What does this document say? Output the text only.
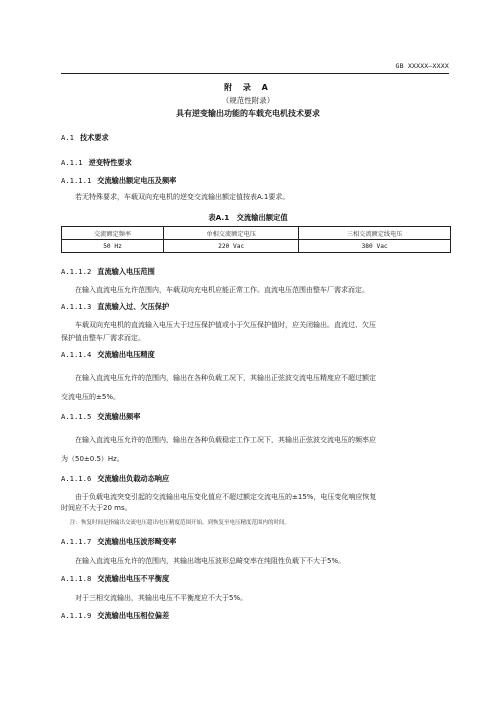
GB XXXXX—XXXX
附 录 A
（规范性附录）
具有逆变输出功能的车载充电机技术要求
A.1 技术要求
A.1.1 逆变特性要求
A.1.1.1 交流输出额定电压及频率
若无特殊要求，车载双向充电机的逆变交流输出额定值按表A.1要求。
表A.1　交流输出额定值
交流额定频率	单相交流额定电压	三相交流额定线电压
50 Hz	220 Vac	380 Vac
A.1.1.2 直流输入电压范围
在输入直流电压允许范围内，车载双向充电机应能正常工作。直流电压范围由整车厂需求而定。
A.1.1.3 直流输入过、欠压保护
车载双向充电机的直流输入电压大于过压保护值或小于欠压保护值时，应关闭输出。直流过、欠压
保护值由整车厂需求而定。
A.1.1.4 交流输出电压精度
在输入直流电压允许的范围内，输出在各种负载工况下，其输出正弦波交流电压精度应不超过额定
交流电压的±5%。
A.1.1.5 交流输出频率
在输入直流电压允许的范围内，输出在各种负载稳定工作工况下，其输出正弦波交流电压的频率应
为（50±0.5）Hz。
A.1.1.6 交流输出负载动态响应
由于负载电流突变引起的交流输出电压变化值应不超过额定交流电压的±15%，电压变化响应恢复
时间应不大于20 ms。
注：恢复时间是指输出交流电压超出电压精度范围开始，到恢复至电压精度范围内的时间。
A.1.1.7 交流输出电压波形畸变率
在输入直流电压允许的范围内，其输出端电压波形总畸变率在纯阻性负载下不大于5%。
A.1.1.8 交流输出电压不平衡度
对于三相交流输出，其输出电压不平衡度应不大于5%。
A.1.1.9 交流输出电压相位偏差
